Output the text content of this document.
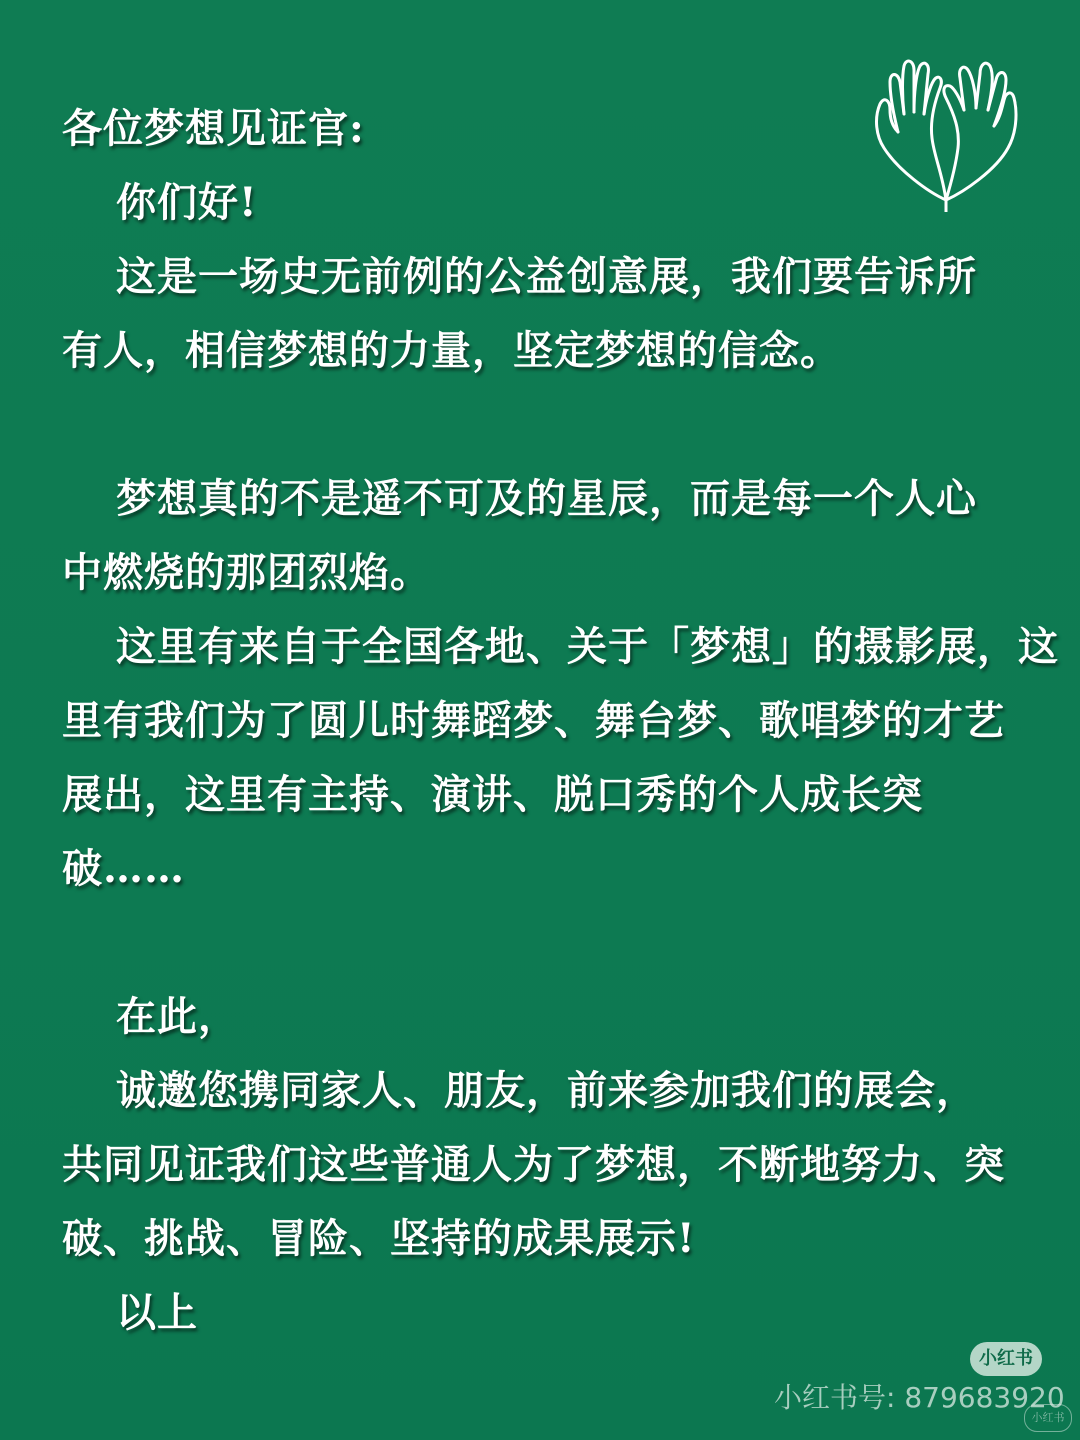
各位梦想见证官:
你们好!
这是一场史无前例的公益创意展，我们要告诉所
有人，相信梦想的力量，坚定梦想的信念。
梦想真的不是遥不可及的星辰，而是每一个人心
中燃烧的那团烈焰。
这里有来自于全国各地、关于「梦想」的摄影展，这
里有我们为了圆儿时舞蹈梦、舞台梦、歌唱梦的才艺
展出，这里有主持、演讲、脱口秀的个人成长突
破……
在此，
诚邀您携同家人、朋友，前来参加我们的展会，
共同见证我们这些普通人为了梦想，不断地努力、突
破、挑战、冒险、坚持的成果展示!
以上
小红书
小红书号: 879683920
小红书
